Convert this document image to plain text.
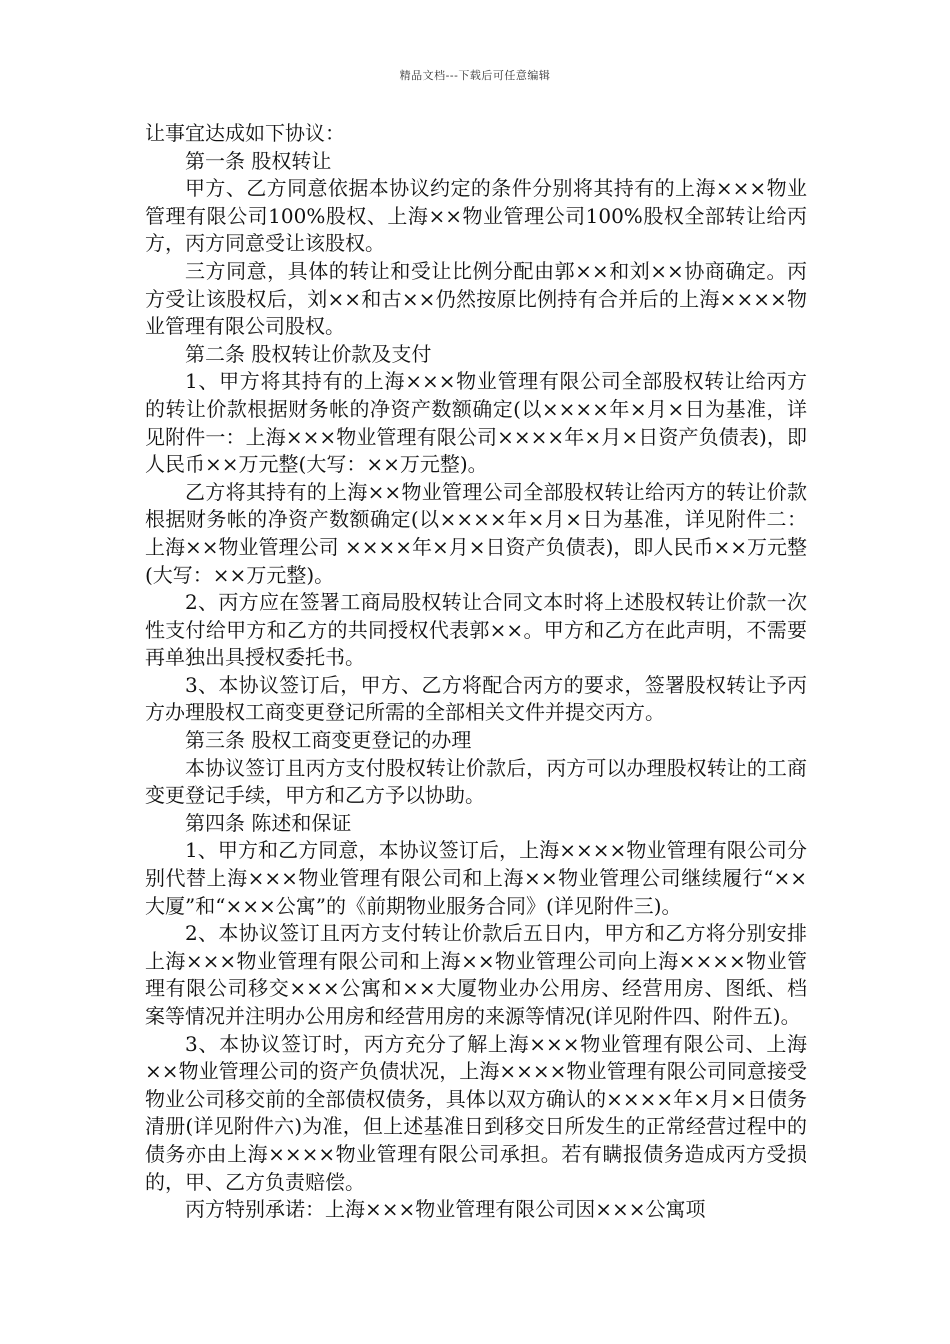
精品文档---下载后可任意编辑

让事宜达成如下协议：

第一条 股权转让

甲方、乙方同意依据本协议约定的条件分别将其持有的上海×××物业管理有限公司100%股权、上海××物业管理公司100%股权全部转让给丙方，丙方同意受让该股权。

三方同意，具体的转让和受让比例分配由郭××和刘××协商确定。丙方受让该股权后，刘××和古××仍然按原比例持有合并后的上海××××物业管理有限公司股权。

第二条 股权转让价款及支付

1、甲方将其持有的上海×××物业管理有限公司全部股权转让给丙方的转让价款根据财务帐的净资产数额确定(以××××年×月×日为基准，详见附件一：上海×××物业管理有限公司××××年×月×日资产负债表)，即人民币××万元整(大写：××万元整)。

乙方将其持有的上海××物业管理公司全部股权转让给丙方的转让价款根据财务帐的净资产数额确定(以××××年×月×日为基准，详见附件二：上海××物业管理公司 ××××年×月×日资产负债表)，即人民币××万元整(大写：××万元整)。

2、丙方应在签署工商局股权转让合同文本时将上述股权转让价款一次性支付给甲方和乙方的共同授权代表郭××。甲方和乙方在此声明，不需要再单独出具授权委托书。

3、本协议签订后，甲方、乙方将配合丙方的要求，签署股权转让予丙方办理股权工商变更登记所需的全部相关文件并提交丙方。

第三条 股权工商变更登记的办理

本协议签订且丙方支付股权转让价款后，丙方可以办理股权转让的工商变更登记手续，甲方和乙方予以协助。

第四条 陈述和保证

1、甲方和乙方同意，本协议签订后，上海××××物业管理有限公司分别代替上海×××物业管理有限公司和上海××物业管理公司继续履行“××大厦”和“×××公寓”的《前期物业服务合同》(详见附件三)。

2、本协议签订且丙方支付转让价款后五日内，甲方和乙方将分别安排上海×××物业管理有限公司和上海××物业管理公司向上海××××物业管理有限公司移交×××公寓和××大厦物业办公用房、经营用房、图纸、档案等情况并注明办公用房和经营用房的来源等情况(详见附件四、附件五)。

3、本协议签订时，丙方充分了解上海×××物业管理有限公司、上海××物业管理公司的资产负债状况，上海××××物业管理有限公司同意接受物业公司移交前的全部债权债务，具体以双方确认的××××年×月×日债务清册(详见附件六)为准，但上述基准日到移交日所发生的正常经营过程中的债务亦由上海××××物业管理有限公司承担。若有瞒报债务造成丙方受损的，甲、乙方负责赔偿。

丙方特别承诺：上海×××物业管理有限公司因×××公寓项
